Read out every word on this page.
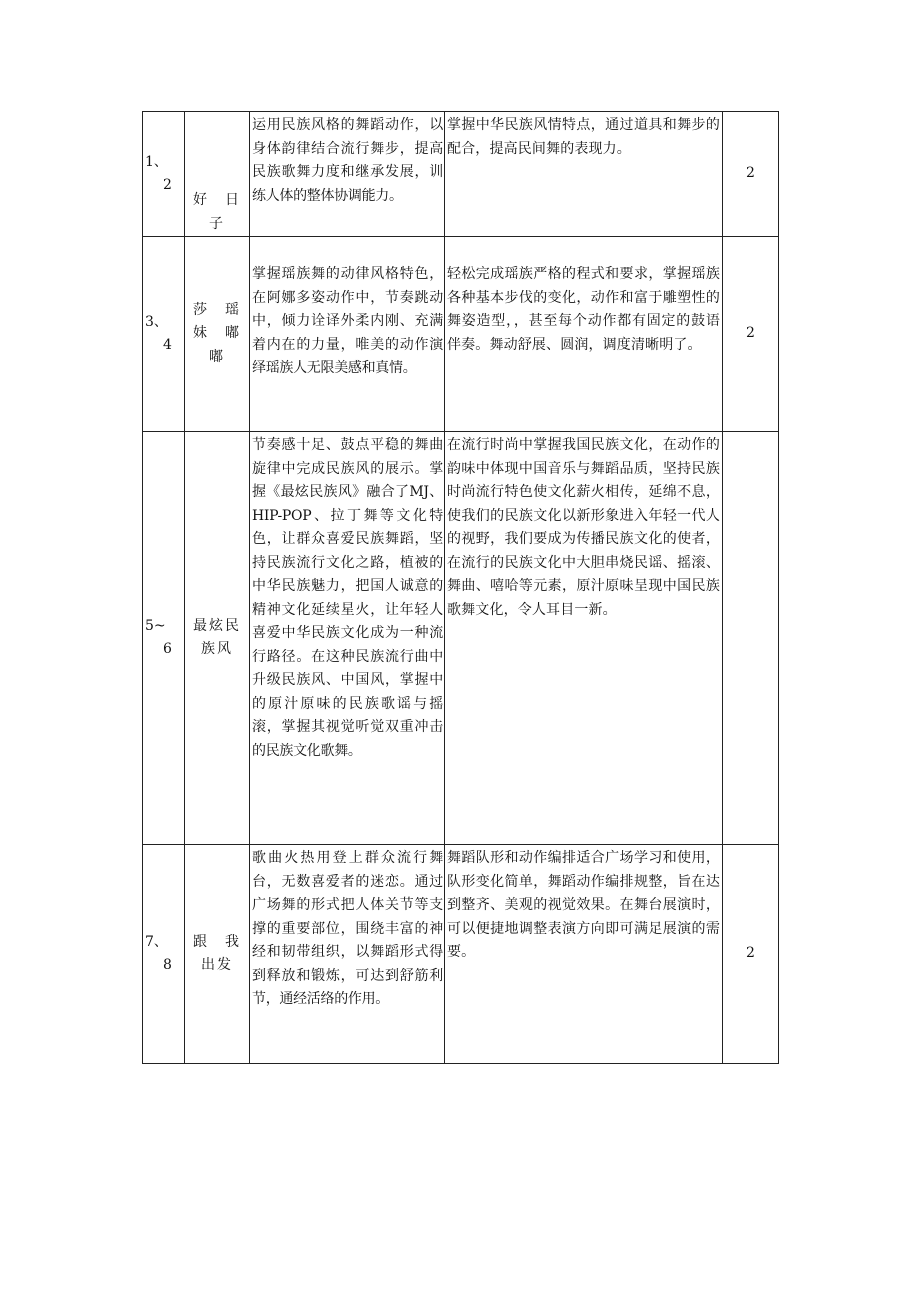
1、
2	好　日子	运用民族风格的舞蹈动作，以身体韵律结合流行舞步，提高民族歌舞力度和继承发展，训练人体的整体协调能力。	掌握中华民族风情特点，通过道具和舞步的配合，提高民间舞的表现力。	2

3、
4	莎　瑶妹　嘟嘟	掌握瑶族舞的动律风格特色，在阿娜多姿动作中，节奏跳动中，倾力诠译外柔内刚、充满着内在的力量，唯美的动作演绎瑶族人无限美感和真情。	轻松完成瑶族严格的程式和要求，掌握瑶族各种基本步伐的变化，动作和富于雕塑性的舞姿造型，，甚至每个动作都有固定的鼓语伴奏。舞动舒展、圆润，调度清晰明了。	2

5~
6	最炫民族风	节奏感十足、鼓点平稳的舞曲旋律中完成民族风的展示。掌握《最炫民族风》融合了MJ、HIP-POP、拉丁舞等文化特色，让群众喜爱民族舞蹈，坚持民族流行文化之路，植被的中华民族魅力，把国人诚意的精神文化延续星火，让年轻人喜爱中华民族文化成为一种流行路径。在这种民族流行曲中升级民族风、中国风，掌握中的原汁原味的民族歌谣与摇滚，掌握其视觉听觉双重冲击的民族文化歌舞。	在流行时尚中掌握我国民族文化，在动作的韵味中体现中国音乐与舞蹈品质，坚持民族时尚流行特色使文化薪火相传，延绵不息，使我们的民族文化以新形象进入年轻一代人的视野，我们要成为传播民族文化的使者，在流行的民族文化中大胆串烧民谣、摇滚、舞曲、嘻哈等元素，原汁原味呈现中国民族歌舞文化，令人耳目一新。	

7、
8	跟　我出发	歌曲火热用登上群众流行舞台，无数喜爱者的迷恋。通过广场舞的形式把人体关节等支撑的重要部位，围绕丰富的神经和韧带组织，以舞蹈形式得到释放和锻炼，可达到舒筋利节，通经活络的作用。	舞蹈队形和动作编排适合广场学习和使用，队形变化简单，舞蹈动作编排规整，旨在达到整齐、美观的视觉效果。在舞台展演时，可以便捷地调整表演方向即可满足展演的需要。	2
